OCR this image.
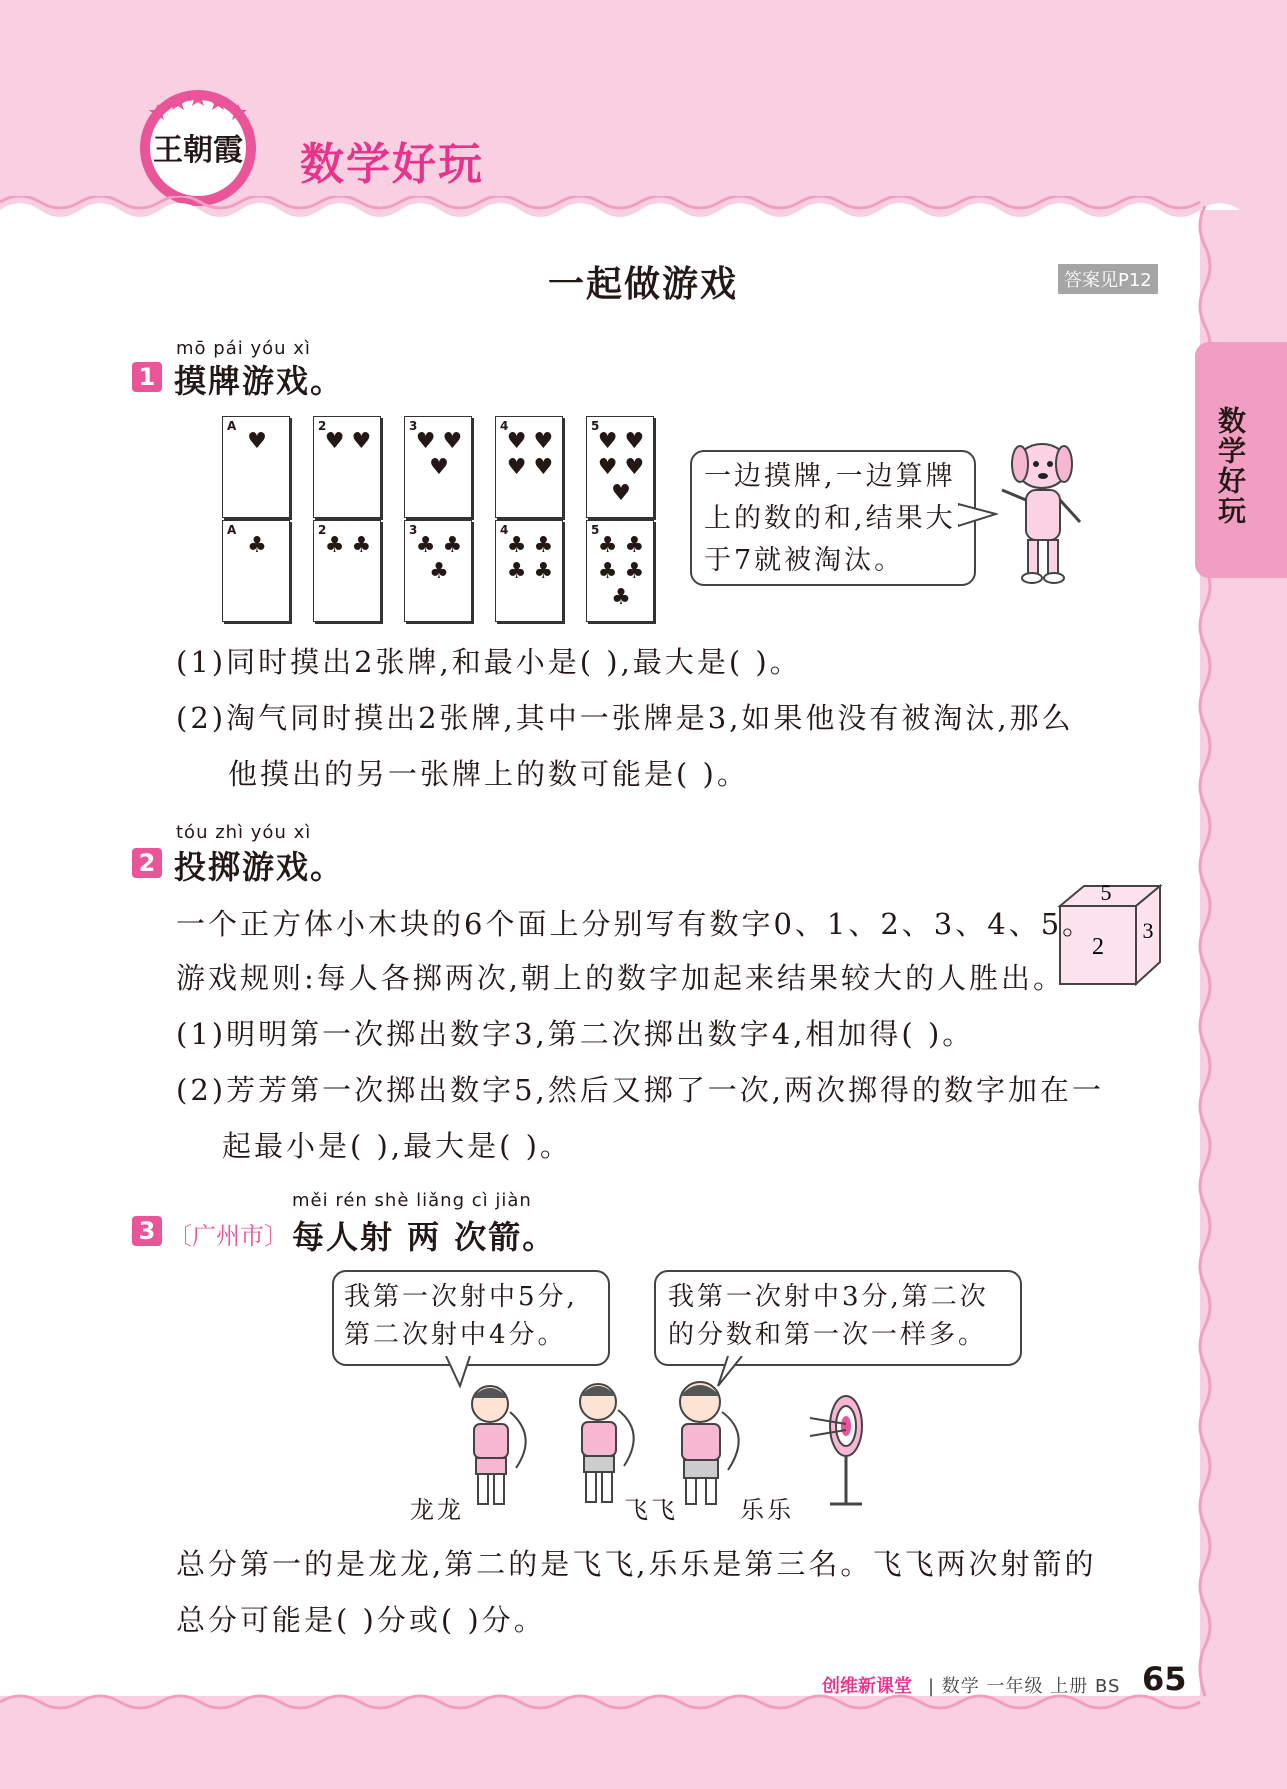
王朝霞 数学好玩
数学好玩
一起做游戏	答案见P12
mō pái yóu xì
1 摸牌游戏。
A
♥
2
♥ ♥
3
♥ ♥ ♥
4
♥ ♥ ♥ ♥
5
♥ ♥ ♥ ♥ ♥
A
♣
2
♣ ♣
3
♣ ♣ ♣
4
♣ ♣ ♣ ♣
5
♣ ♣ ♣ ♣ ♣
一边摸牌,一边算牌
上的数的和,结果大
于7就被淘汰。
(1)同时摸出2张牌,和最小是( ),最大是( )。
(2)淘气同时摸出2张牌,其中一张牌是3,如果他没有被淘汰,那么
他摸出的另一张牌上的数可能是( )。
tóu zhì yóu xì
2 投掷游戏。
5
2
3
一个正方体小木块的6个面上分别写有数字0、1、2、3、4、5。
游戏规则:每人各掷两次,朝上的数字加起来结果较大的人胜出。
(1)明明第一次掷出数字3,第二次掷出数字4,相加得( )。
(2)芳芳第一次掷出数字5,然后又掷了一次,两次掷得的数字加在一
起最小是( ),最大是( )。
měi rén shè liǎng cì jiàn
3 〔广州市〕 每人射 两 次箭。
我第一次射中5分,
第二次射中4分。
我第一次射中3分,第二次
的分数和第一次一样多。
龙龙	飞飞	乐乐
总分第一的是龙龙,第二的是飞飞,乐乐是第三名。飞飞两次射箭的
总分可能是( )分或( )分。
创维新课堂 | 数学 一年级 上册 BS 65
